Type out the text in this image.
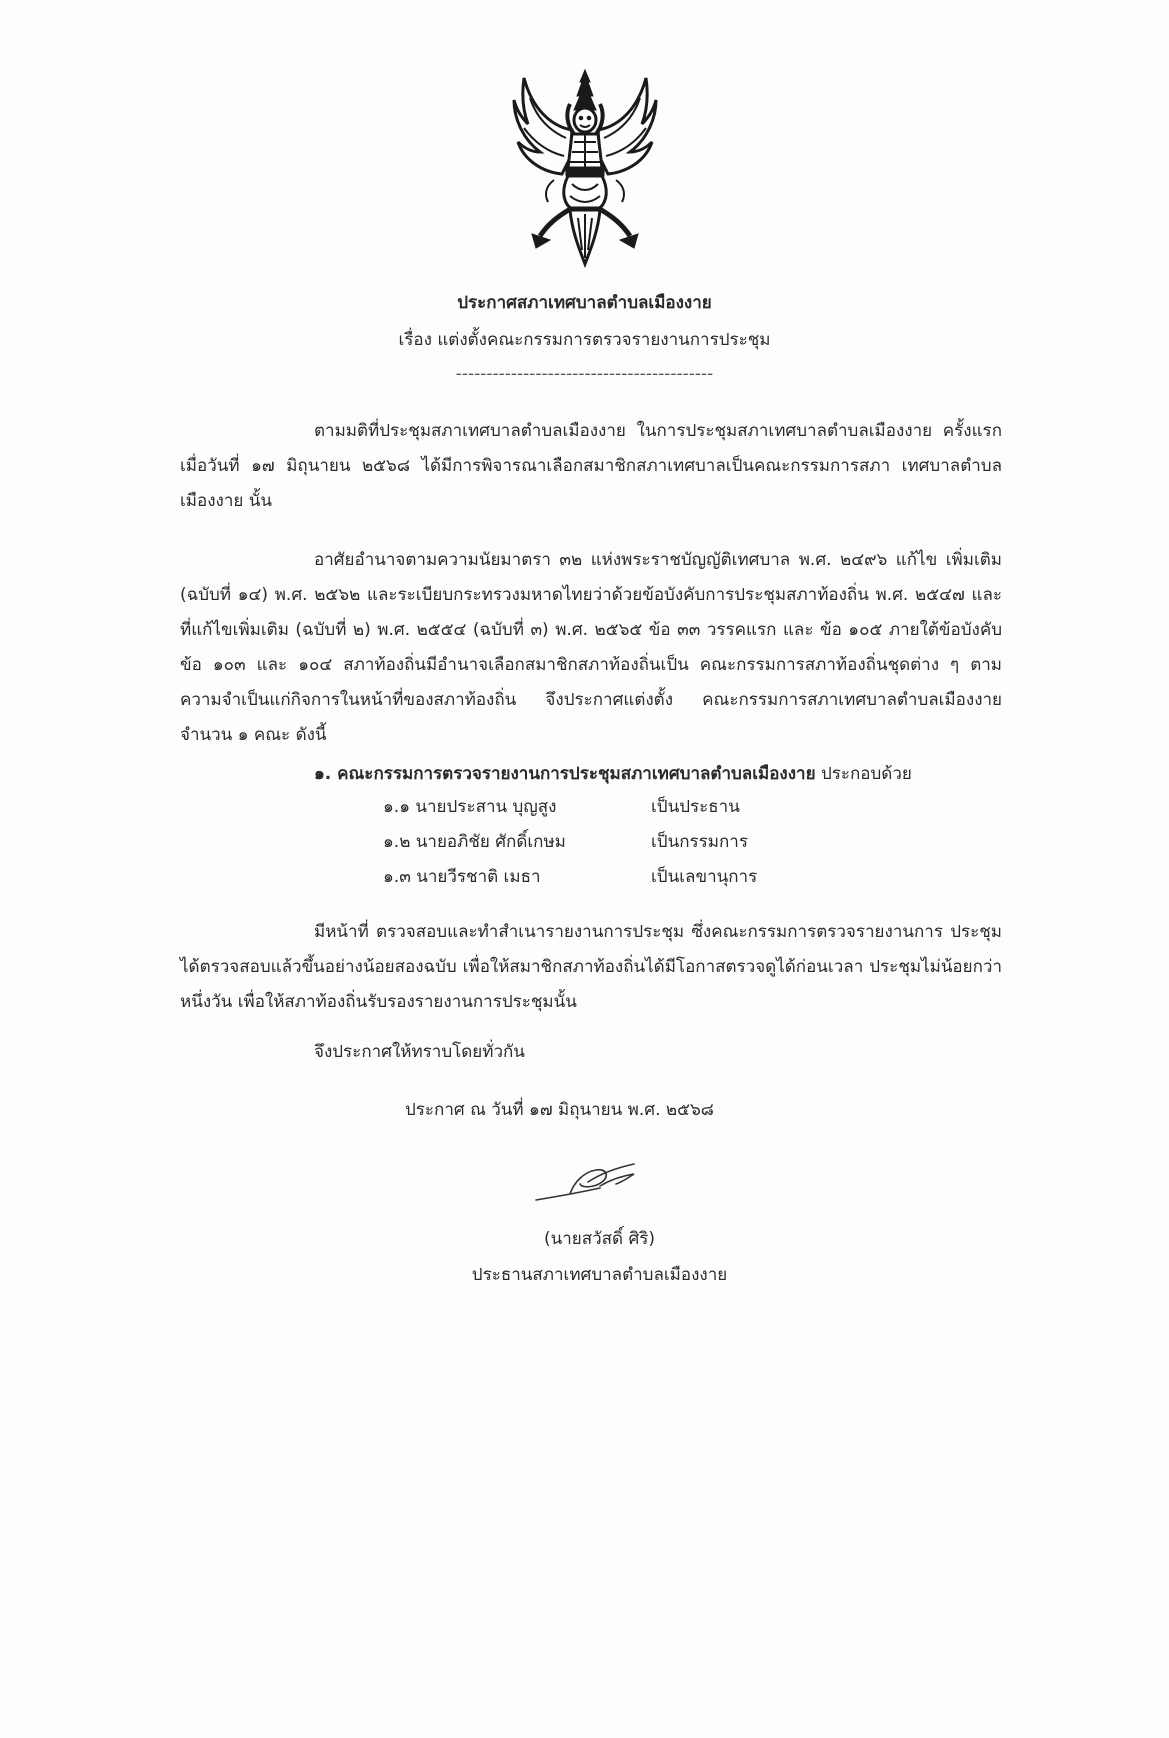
ประกาศสภาเทศบาลตำบลเมืองงาย
เรื่อง แต่งตั้งคณะกรรมการตรวจรายงานการประชุม
------------------------------------------
ตามมติที่ประชุมสภาเทศบาลตำบลเมืองงาย ในการประชุมสภาเทศบาลตำบลเมืองงาย ครั้งแรก เมื่อวันที่ ๑๗ มิถุนายน ๒๕๖๘ ได้มีการพิจารณาเลือกสมาชิกสภาเทศบาลเป็นคณะกรรมการสภา เทศบาลตำบลเมืองงาย นั้น
อาศัยอำนาจตามความนัยมาตรา ๓๒ แห่งพระราชบัญญัติเทศบาล พ.ศ. ๒๔๙๖ แก้ไข เพิ่มเติม (ฉบับที่ ๑๔) พ.ศ. ๒๕๖๒ และระเบียบกระทรวงมหาดไทยว่าด้วยข้อบังคับการประชุมสภาท้องถิ่น พ.ศ. ๒๕๔๗ และที่แก้ไขเพิ่มเติม (ฉบับที่ ๒) พ.ศ. ๒๕๕๔ (ฉบับที่ ๓) พ.ศ. ๒๕๖๕ ข้อ ๓๓ วรรคแรก และ ข้อ ๑๐๕ ภายใต้ข้อบังคับ ข้อ ๑๐๓ และ ๑๐๔ สภาท้องถิ่นมีอำนาจเลือกสมาชิกสภาท้องถิ่นเป็น คณะกรรมการสภาท้องถิ่นชุดต่าง ๆ ตามความจำเป็นแก่กิจการในหน้าที่ของสภาท้องถิ่น จึงประกาศแต่งตั้ง คณะกรรมการสภาเทศบาลตำบลเมืองงาย จำนวน ๑ คณะ ดังนี้
๑. คณะกรรมการตรวจรายงานการประชุมสภาเทศบาลตำบลเมืองงาย ประกอบด้วย
๑.๑ นายประสาน บุญสูง	เป็นประธาน
๑.๒ นายอภิชัย ศักดิ์เกษม	เป็นกรรมการ
๑.๓ นายวีรชาติ เมธา	เป็นเลขานุการ
มีหน้าที่ ตรวจสอบและทำสำเนารายงานการประชุม ซึ่งคณะกรรมการตรวจรายงานการ ประชุมได้ตรวจสอบแล้วขึ้นอย่างน้อยสองฉบับ เพื่อให้สมาชิกสภาท้องถิ่นได้มีโอกาสตรวจดูได้ก่อนเวลา ประชุมไม่น้อยกว่าหนึ่งวัน เพื่อให้สภาท้องถิ่นรับรองรายงานการประชุมนั้น
จึงประกาศให้ทราบโดยทั่วกัน
ประกาศ ณ วันที่ ๑๗ มิถุนายน พ.ศ. ๒๕๖๘
(นายสวัสดิ์ ศิริ)
ประธานสภาเทศบาลตำบลเมืองงาย
